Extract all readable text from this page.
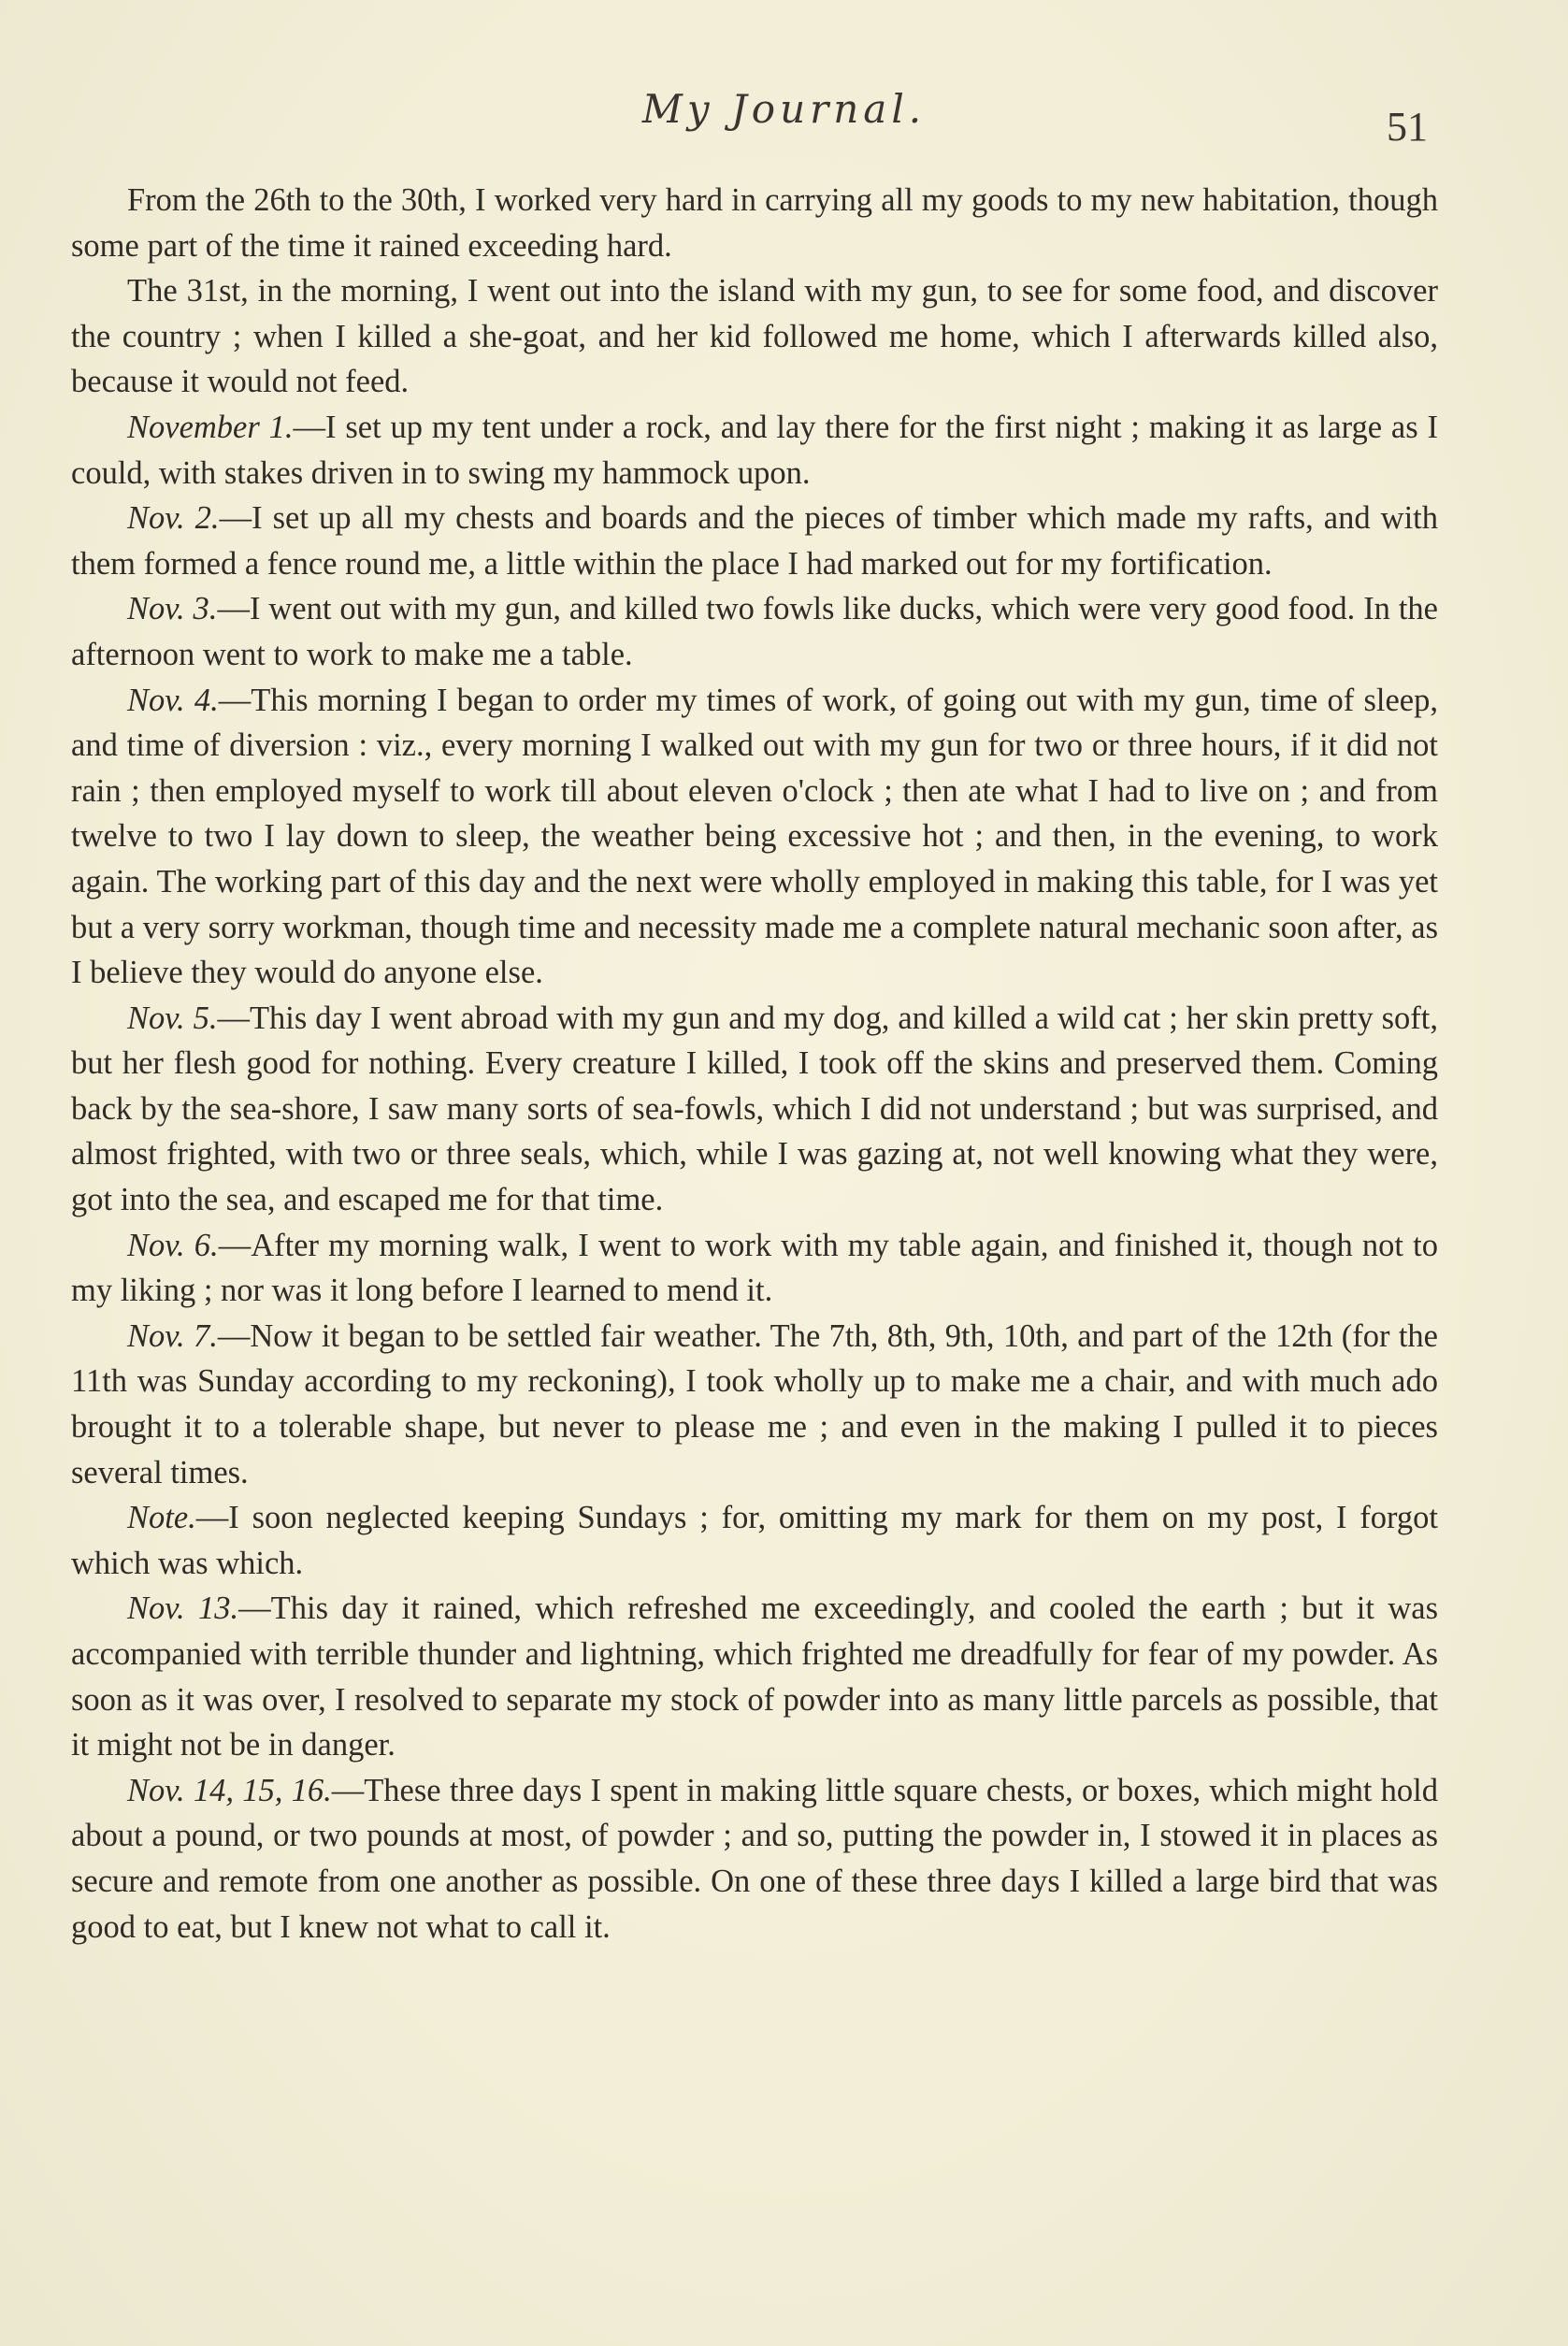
My Journal.	51

From the 26th to the 30th, I worked very hard in carrying all my goods to my new habitation, though some part of the time it rained exceeding hard.

The 31st, in the morning, I went out into the island with my gun, to see for some food, and discover the country ; when I killed a she-goat, and her kid followed me home, which I afterwards killed also, because it would not feed.

November 1.—I set up my tent under a rock, and lay there for the first night ; making it as large as I could, with stakes driven in to swing my hammock upon.

Nov. 2.—I set up all my chests and boards and the pieces of timber which made my rafts, and with them formed a fence round me, a little within the place I had marked out for my fortification.

Nov. 3.—I went out with my gun, and killed two fowls like ducks, which were very good food. In the afternoon went to work to make me a table.

Nov. 4.—This morning I began to order my times of work, of going out with my gun, time of sleep, and time of diversion : viz., every morning I walked out with my gun for two or three hours, if it did not rain ; then employed myself to work till about eleven o'clock ; then ate what I had to live on ; and from twelve to two I lay down to sleep, the weather being excessive hot ; and then, in the evening, to work again. The working part of this day and the next were wholly employed in making this table, for I was yet but a very sorry workman, though time and necessity made me a complete natural mechanic soon after, as I believe they would do anyone else.

Nov. 5.—This day I went abroad with my gun and my dog, and killed a wild cat ; her skin pretty soft, but her flesh good for nothing. Every creature I killed, I took off the skins and preserved them. Coming back by the sea-shore, I saw many sorts of sea-fowls, which I did not understand ; but was surprised, and almost frighted, with two or three seals, which, while I was gazing at, not well knowing what they were, got into the sea, and escaped me for that time.

Nov. 6.—After my morning walk, I went to work with my table again, and finished it, though not to my liking ; nor was it long before I learned to mend it.

Nov. 7.—Now it began to be settled fair weather. The 7th, 8th, 9th, 10th, and part of the 12th (for the 11th was Sunday according to my reckoning), I took wholly up to make me a chair, and with much ado brought it to a tolerable shape, but never to please me ; and even in the making I pulled it to pieces several times.

Note.—I soon neglected keeping Sundays ; for, omitting my mark for them on my post, I forgot which was which.

Nov. 13.—This day it rained, which refreshed me exceedingly, and cooled the earth ; but it was accompanied with terrible thunder and lightning, which frighted me dreadfully for fear of my powder. As soon as it was over, I resolved to separate my stock of powder into as many little parcels as possible, that it might not be in danger.

Nov. 14, 15, 16.—These three days I spent in making little square chests, or boxes, which might hold about a pound, or two pounds at most, of powder ; and so, putting the powder in, I stowed it in places as secure and remote from one another as possible. On one of these three days I killed a large bird that was good to eat, but I knew not what to call it.
